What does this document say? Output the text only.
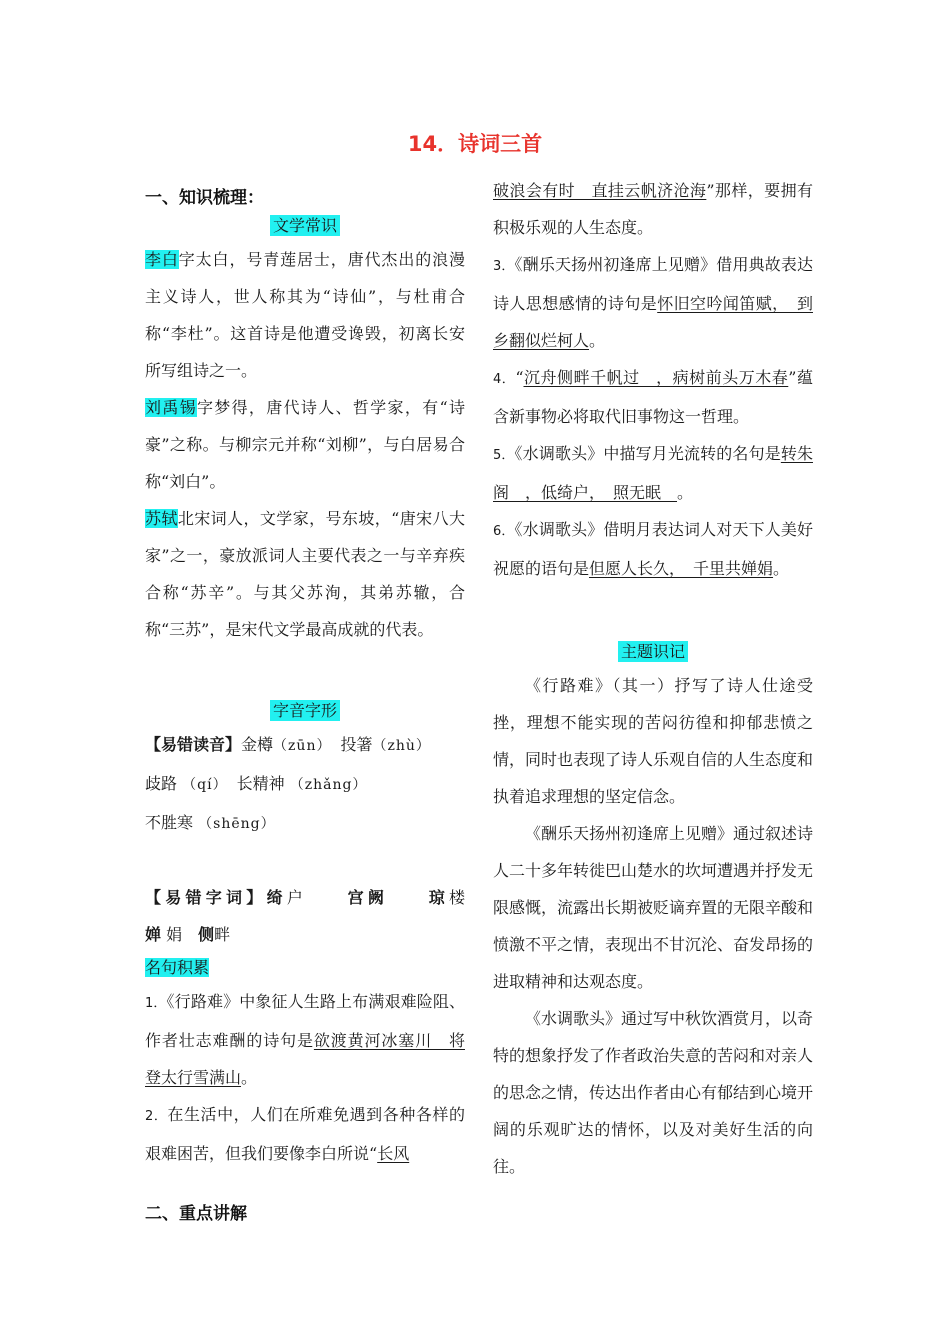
14．诗词三首
一、知识梳理：

文学常识

李白字太白，号青莲居士，唐代杰出的浪漫主义诗人，世人称其为“诗仙”，与杜甫合称“李杜”。这首诗是他遭受谗毁，初离长安所写组诗之一。

刘禹锡字梦得，唐代诗人、哲学家，有“诗豪”之称。与柳宗元并称“刘柳”，与白居易合称“刘白”。

苏轼北宋词人，文学家，号东坡，“唐宋八大家”之一，豪放派词人主要代表之一与辛弃疾合称“苏辛”。与其父苏洵，其弟苏辙，合称“三苏”，是宋代文学最高成就的代表。

字音字形

【易错读音】金樽（zūn）　 投箸（zhù）

歧路 （qí）　 长精神 （zhǎng）

不胜寒 （shēng）

【易错字词】绮户　　	宫阙　　	琼楼　　　婵 娟　 侧畔

名句积累

1．《行路难》中象征人生路上布满艰难险阻、作者壮志难酬的诗句是欲渡黄河冰塞川　将登太行雪满山。

2．在生活中，人们在所难免遇到各种各样的艰难困苦，但我们要像李白所说“长风

二、重点讲解

破浪会有时　直挂云帆济沧海”那样，要拥有积极乐观的人生态度。

3．《酬乐天扬州初逢席上见赠》借用典故表达诗人思想感情的诗句是怀旧空吟闻笛赋，　到乡翻似烂柯人。

4．“沉舟侧畔千帆过　，病树前头万木春”蕴含新事物必将取代旧事物这一哲理。

5．《水调歌头》中描写月光流转的名句是转朱阁　，低绮户，　照无眠　。

6．《水调歌头》借明月表达词人对天下人美好祝愿的语句是但愿人长久，　千里共婵娟。

主题识记

《行路难》（其一）抒写了诗人仕途受挫，理想不能实现的苦闷彷徨和抑郁悲愤之情，同时也表现了诗人乐观自信的人生态度和执着追求理想的坚定信念。

《酬乐天扬州初逢席上见赠》通过叙述诗人二十多年转徙巴山楚水的坎坷遭遇并抒发无限感慨，流露出长期被贬谪弃置的无限辛酸和愤激不平之情，表现出不甘沉沦、奋发昂扬的进取精神和达观态度。

《水调歌头》通过写中秋饮酒赏月，以奇特的想象抒发了作者政治失意的苦闷和对亲人的思念之情，传达出作者由心有郁结到心境开阔的乐观旷达的情怀，以及对美好生活的向往。
